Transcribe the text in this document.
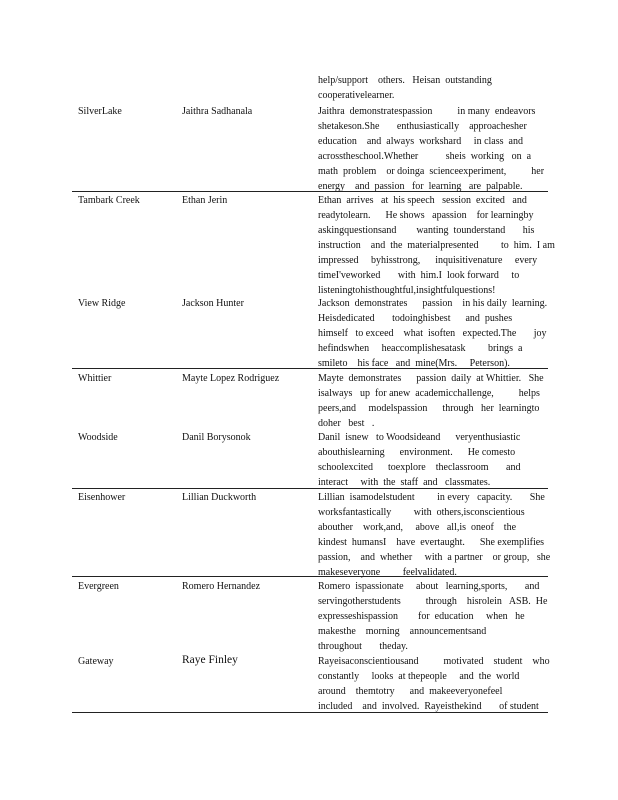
help/support    others.   Heisan  outstanding
cooperativelearner.
SilverLake	Jaithra Sadhanala	Jaithra  demonstratespassion          in many  endeavors
shetakeson.She       enthusiastically    approachesher
education    and  always  workshard     in class  and
acrosstheschool.Whether           sheis  working   on  a
math  problem    or doinga  scienceexperiment,          her
energy    and  passion   for  learning   are  palpable.
Tambark Creek	Ethan Jerin	Ethan  arrives   at  his speech   session  excited   and
readytolearn.      He shows   apassion    for learningby
askingquestionsand        wanting  tounderstand       his
instruction    and  the  materialpresented         to  him.  I am
impressed     byhisstrong,      inquisitivenature     every
timeI'veworked       with  him.I  look forward     to
listeningtohisthoughtful,insightfulquestions!
View Ridge	Jackson Hunter	Jackson  demonstrates      passion    in his daily  learning.
Heisdedicated       todoinghisbest      and  pushes
himself   to exceed    what  isoften   expected.The       joy
hefindswhen     heaccomplishesatask         brings  a
smileto    his face   and  mine(Mrs.     Peterson).
Whittier	Mayte Lopez Rodriguez	Mayte  demonstrates      passion  daily  at Whittier.   She
isalways   up  for anew  academicchallenge,          helps
peers,and     modelspassion      through   her  learningto
doher   best   .
Woodside	Danil Borysonok	Danil  isnew   to Woodsideand      veryenthusiastic
abouthislearning      environment.      He comesto
schoolexcited      toexplore    theclassroom       and
interact     with  the  staff  and   classmates.
Eisenhower	Lillian Duckworth	Lillian  isamodelstudent         in every   capacity.       She
worksfantastically         with  others,isconscientious
abouther    work,and,     above   all,is  oneof    the
kindest  humansI    have  evertaught.      She exemplifies
passion,    and  whether     with  a partner    or group,   she
makeseveryone         feelvalidated.
Evergreen	Romero Hernandez	Romero  ispassionate     about   learning,sports,       and
servingotherstudents          through    hisrolein   ASB.  He
expresseshispassion        for  education     when   he
makesthe    morning    announcementsand
throughout       theday.
Gateway	Raye Finley	Rayeisaconscientiousand          motivated    student    who
constantly     looks  at thepeople     and  the  world
around    themtotry      and  makeeveryonefeel
included    and  involved.  Rayeisthekind       of student
